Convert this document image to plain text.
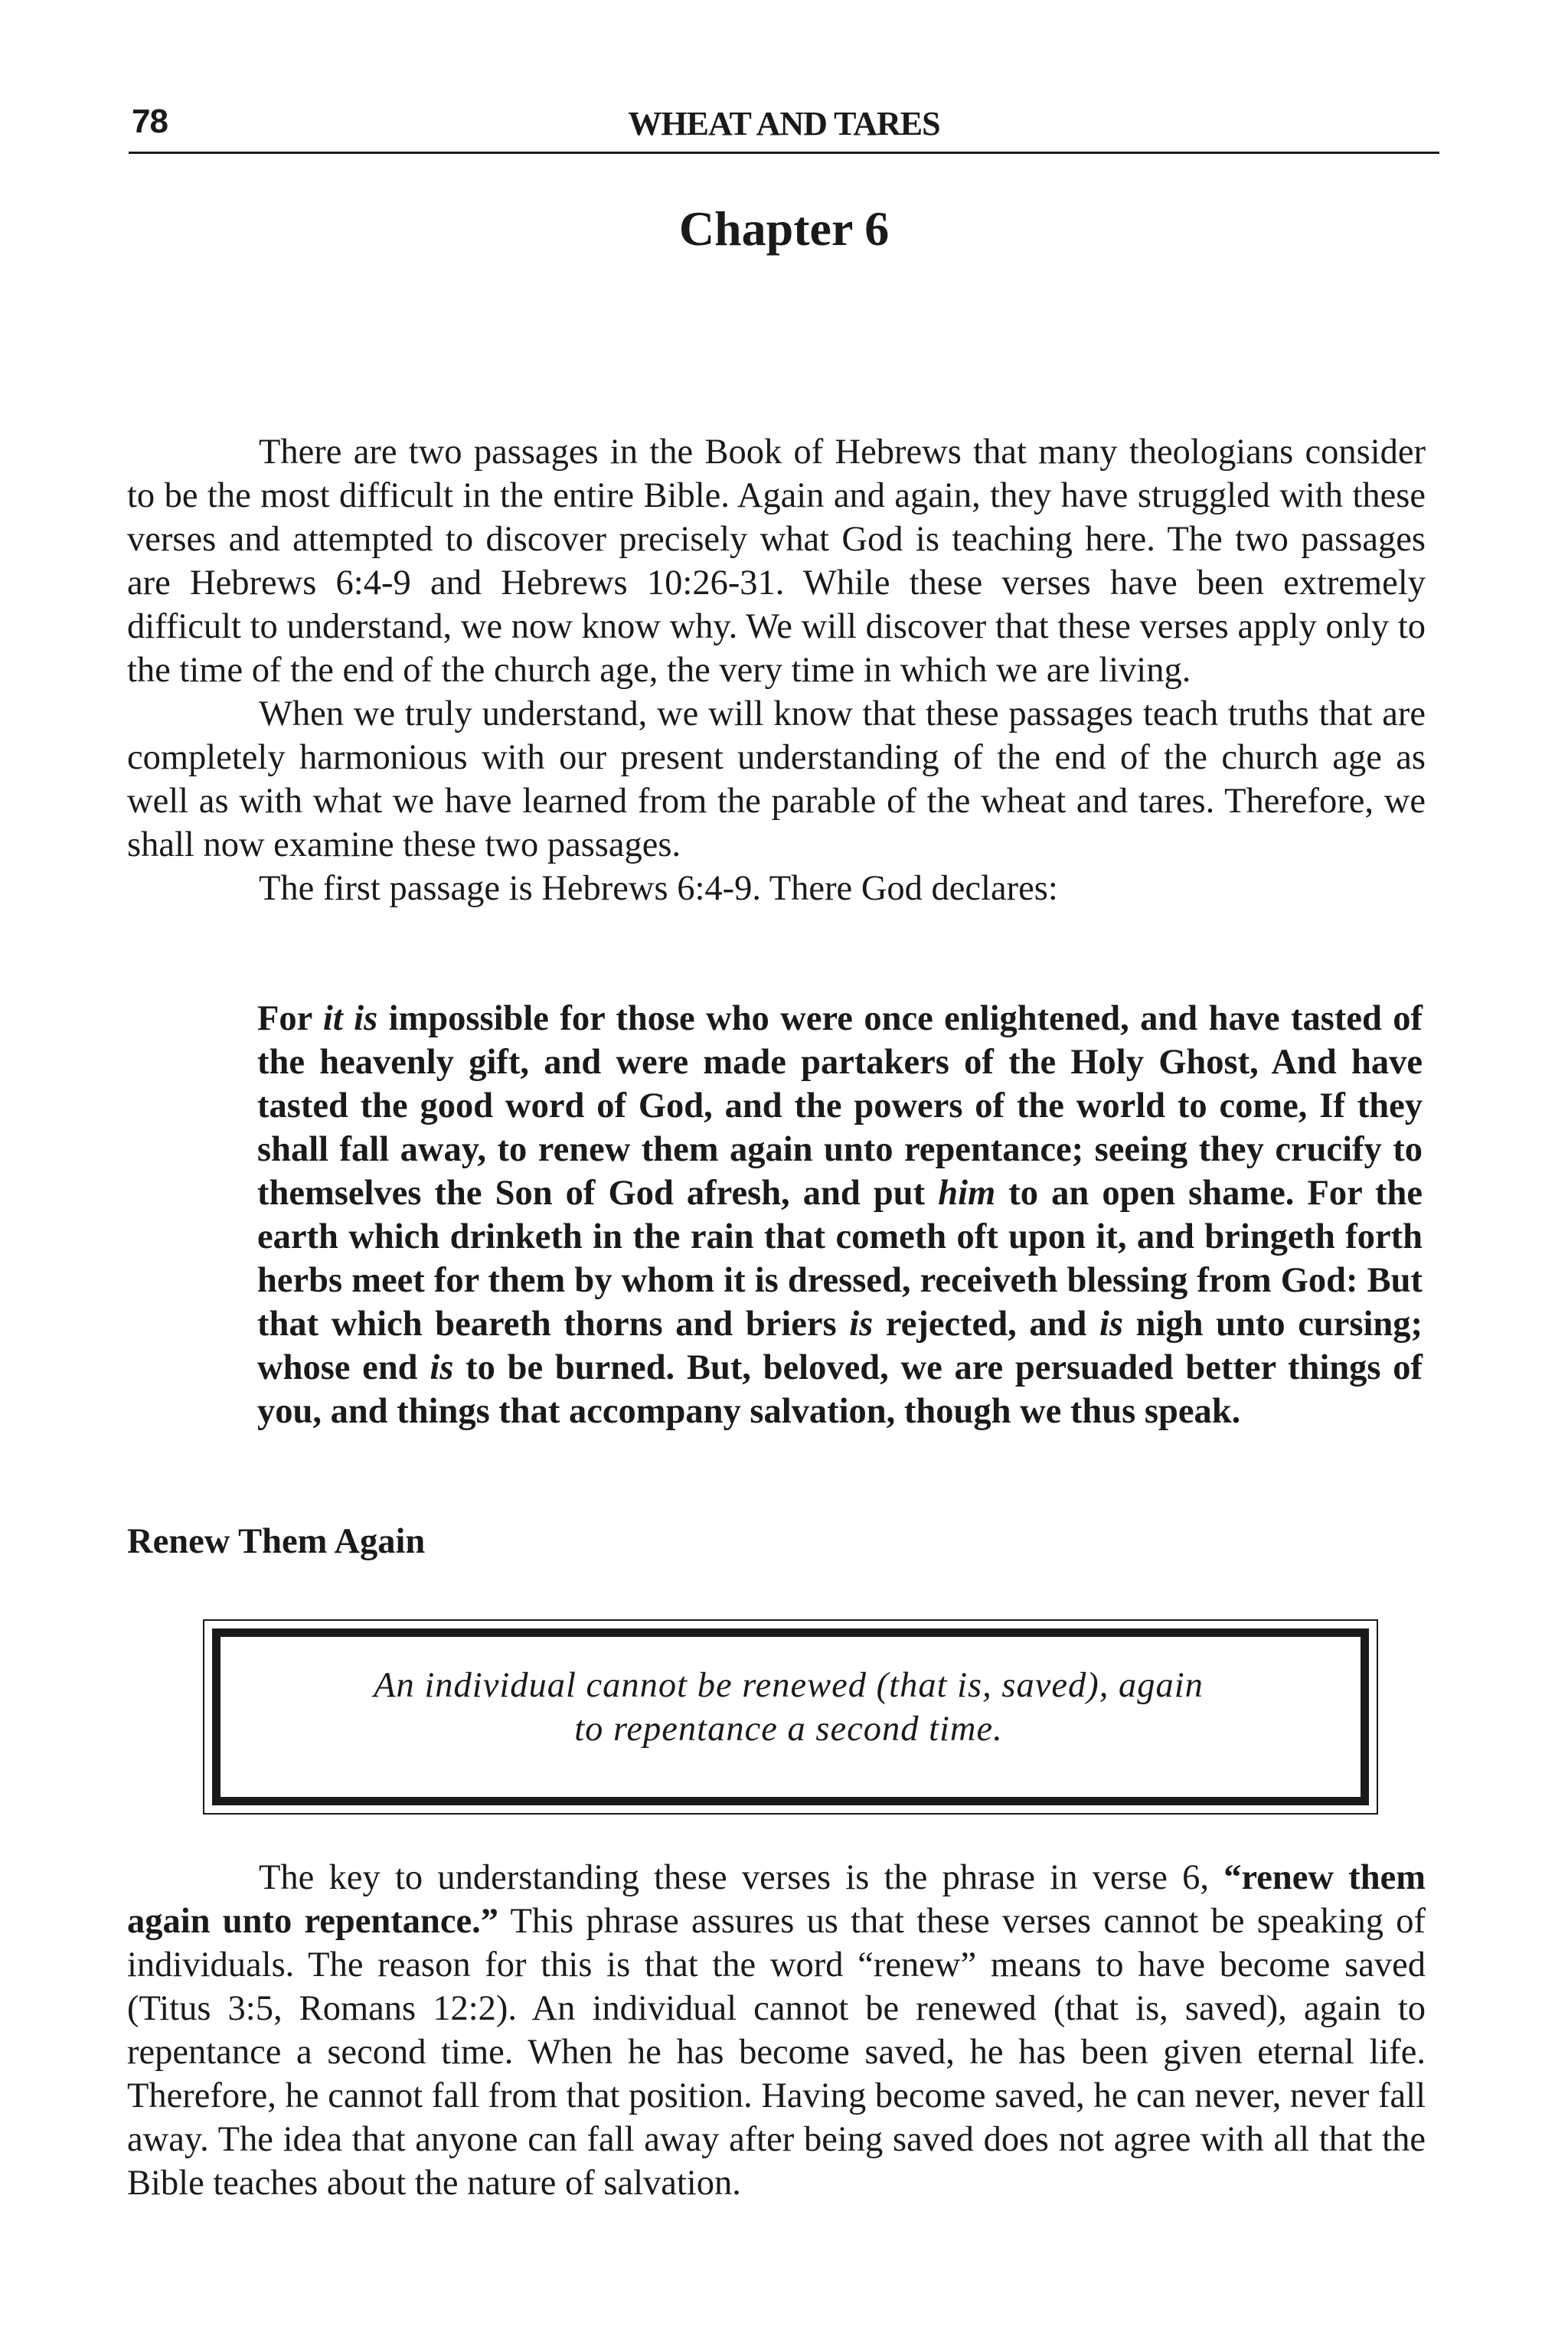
78	WHEAT AND TARES
Chapter 6

There are two passages in the Book of Hebrews that many theologians consider to be the most difficult in the entire Bible. Again and again, they have struggled with these verses and attempted to discover precisely what God is teaching here. The two passages are Hebrews 6:4-9 and Hebrews 10:26-31. While these verses have been extremely difficult to understand, we now know why. We will discover that these verses apply only to the time of the end of the church age, the very time in which we are living.

When we truly understand, we will know that these passages teach truths that are completely harmonious with our present understanding of the end of the church age as well as with what we have learned from the parable of the wheat and tares. Therefore, we shall now examine these two passages.

The first passage is Hebrews 6:4-9. There God declares:

For it is impossible for those who were once enlightened, and have tasted of the heavenly gift, and were made partakers of the Holy Ghost, And have tasted the good word of God, and the powers of the world to come, If they shall fall away, to renew them again unto repentance; seeing they crucify to themselves the Son of God afresh, and put him to an open shame. For the earth which drinketh in the rain that cometh oft upon it, and bringeth forth herbs meet for them by whom it is dressed, receiveth blessing from God: But that which beareth thorns and briers is rejected, and is nigh unto cursing; whose end is to be burned. But, beloved, we are persuaded better things of you, and things that accompany salvation, though we thus speak.

Renew Them Again
An individual cannot be renewed (that is, saved), again
to repentance a second time.

The key to understanding these verses is the phrase in verse 6, “renew them again unto repentance.” This phrase assures us that these verses cannot be speaking of individuals. The reason for this is that the word “renew” means to have become saved (Titus 3:5, Romans 12:2). An individual cannot be renewed (that is, saved), again to repentance a second time. When he has become saved, he has been given eternal life. Therefore, he cannot fall from that position. Having become saved, he can never, never fall away. The idea that anyone can fall away after being saved does not agree with all that the Bible teaches about the nature of salvation.
